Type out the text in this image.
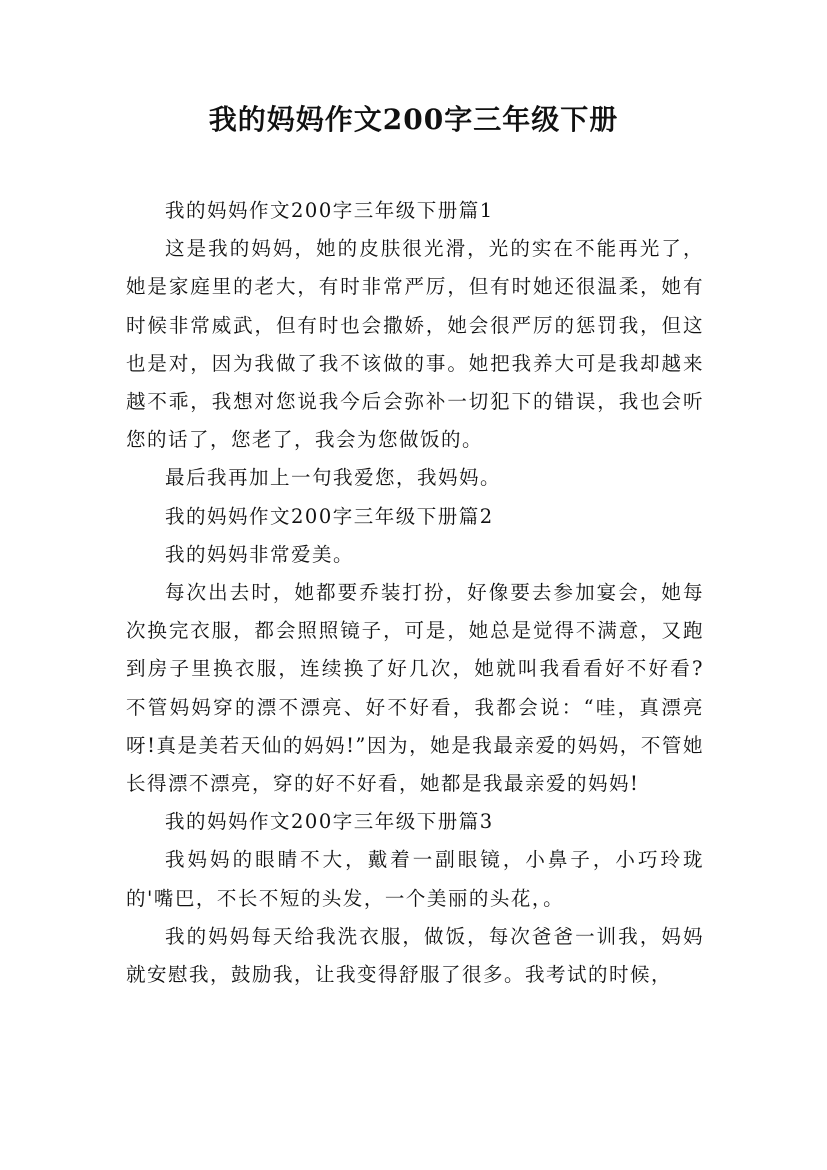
我的妈妈作文200字三年级下册

我的妈妈作文200字三年级下册篇1

这是我的妈妈，她的皮肤很光滑，光的实在不能再光了，她是家庭里的老大，有时非常严厉，但有时她还很温柔，她有时候非常威武，但有时也会撒娇，她会很严厉的惩罚我，但这也是对，因为我做了我不该做的事。她把我养大可是我却越来越不乖，我想对您说我今后会弥补一切犯下的错误，我也会听您的话了，您老了，我会为您做饭的。

最后我再加上一句我爱您，我妈妈。

我的妈妈作文200字三年级下册篇2

我的妈妈非常爱美。

每次出去时，她都要乔装打扮，好像要去参加宴会，她每次换完衣服，都会照照镜子，可是，她总是觉得不满意，又跑到房子里换衣服，连续换了好几次，她就叫我看看好不好看?不管妈妈穿的漂不漂亮、好不好看，我都会说：“哇，真漂亮呀!真是美若天仙的妈妈!”因为，她是我最亲爱的妈妈，不管她长得漂不漂亮，穿的好不好看，她都是我最亲爱的妈妈!

我的妈妈作文200字三年级下册篇3

我妈妈的眼睛不大，戴着一副眼镜，小鼻子，小巧玲珑的'嘴巴，不长不短的头发，一个美丽的头花，。

我的妈妈每天给我洗衣服，做饭，每次爸爸一训我，妈妈就安慰我，鼓励我，让我变得舒服了很多。我考试的时候，
